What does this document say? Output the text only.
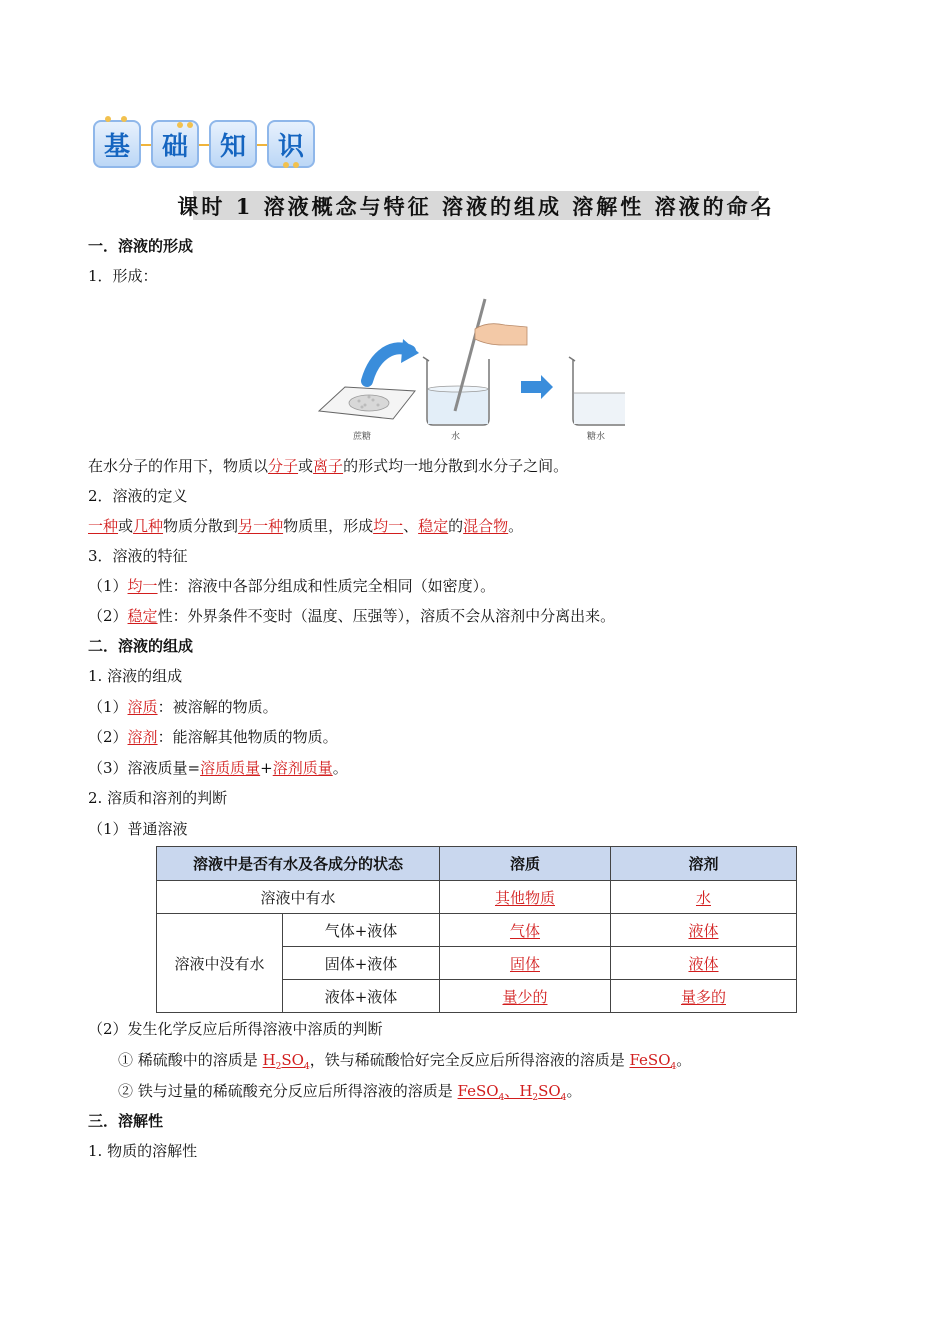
基 础 知 识
课时 1 溶液概念与特征 溶液的组成 溶解性 溶液的命名
一．溶液的形成
1．形成：
蔗糖	水	糖水
在水分子的作用下，物质以分子或离子的形式均一地分散到水分子之间。
2．溶液的定义
一种或几种物质分散到另一种物质里，形成均一、稳定的混合物。
3．溶液的特征
（1）均一性：溶液中各部分组成和性质完全相同（如密度）。
（2）稳定性：外界条件不变时（温度、压强等），溶质不会从溶剂中分离出来。
二．溶液的组成
1. 溶液的组成
（1）溶质：被溶解的物质。
（2）溶剂：能溶解其他物质的物质。
（3）溶液质量=溶质质量+溶剂质量。
2. 溶质和溶剂的判断
（1）普通溶液
溶液中是否有水及各成分的状态		溶质	溶剂
溶液中有水		其他物质	水
溶液中没有水	气体+液体	气体	液体
	固体+液体	固体	液体
	液体+液体	量少的	量多的
（2）发生化学反应后所得溶液中溶质的判断
① 稀硫酸中的溶质是 $H_2SO_4$，铁与稀硫酸恰好完全反应后所得溶液的溶质是 FeSO$_4$。
② 铁与过量的稀硫酸充分反应后所得溶液的溶质是 FeSO$_4$、$H_2SO_4$。
三．溶解性
1. 物质的溶解性
